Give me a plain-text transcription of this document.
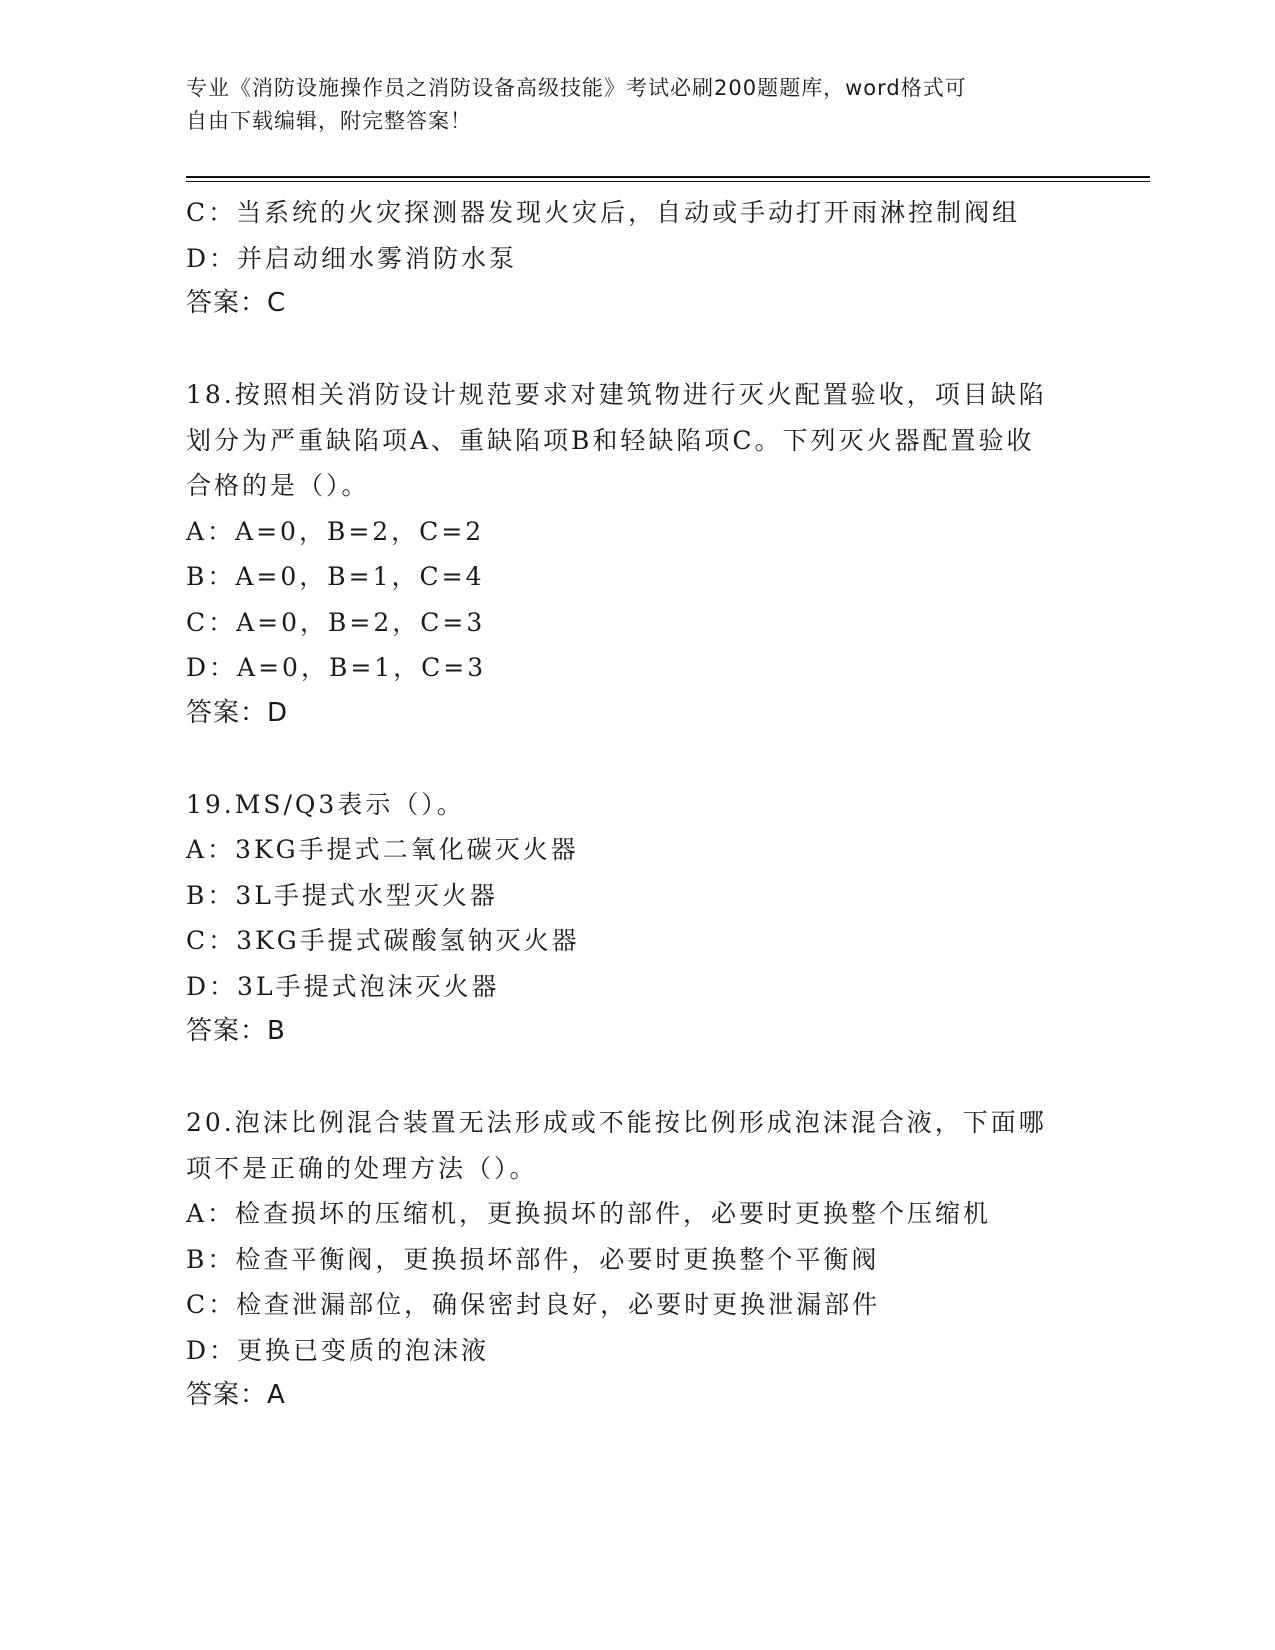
专业《消防设施操作员之消防设备高级技能》考试必刷200题题库，word格式可
自由下载编辑，附完整答案！

C：当系统的火灾探测器发现火灾后，自动或手动打开雨淋控制阀组

D：并启动细水雾消防水泵

答案：C

18.按照相关消防设计规范要求对建筑物进行灭火配置验收，项目缺陷

划分为严重缺陷项A、重缺陷项B和轻缺陷项C。下列灭火器配置验收

合格的是（）。

A：A=0，B=2，C=2

B：A=0，B=1，C=4

C：A=0，B=2，C=3

D：A=0，B=1，C=3

答案：D

19.MS/Q3表示（）。

A：3KG手提式二氧化碳灭火器

B：3L手提式水型灭火器

C：3KG手提式碳酸氢钠灭火器

D：3L手提式泡沫灭火器

答案：B

20.泡沫比例混合装置无法形成或不能按比例形成泡沫混合液，下面哪

项不是正确的处理方法（）。

A：检查损坏的压缩机，更换损坏的部件，必要时更换整个压缩机

B：检查平衡阀，更换损坏部件，必要时更换整个平衡阀

C：检查泄漏部位，确保密封良好，必要时更换泄漏部件

D：更换已变质的泡沫液

答案：A
